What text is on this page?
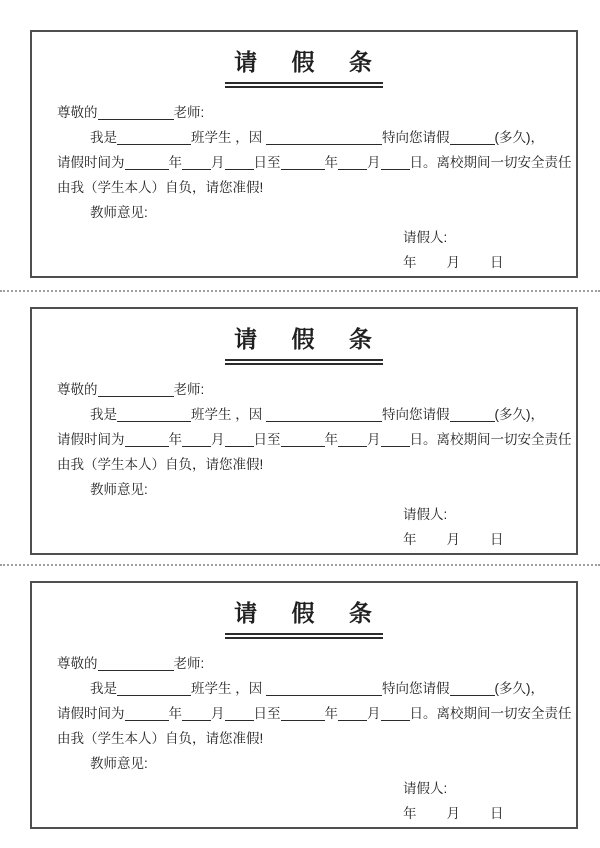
请 假 条
尊敬的	老师:
我是	班学生 ，因	特向您请假	(多久)，
请假时间为	年 月 日至	年 月 日。离校期间一切安全责任
由我（学生本人）自负，请您准假!
教师意见:
请假人:
年 月 日
请 假 条
尊敬的	老师:
我是	班学生 ，因	特向您请假	(多久)，
请假时间为	年 月 日至	年 月 日。离校期间一切安全责任
由我（学生本人）自负，请您准假!
教师意见:
请假人:
年 月 日
请 假 条
尊敬的	老师:
我是	班学生 ，因	特向您请假	(多久)，
请假时间为	年 月 日至	年 月 日。离校期间一切安全责任
由我（学生本人）自负，请您准假!
教师意见:
请假人:
年 月 日
